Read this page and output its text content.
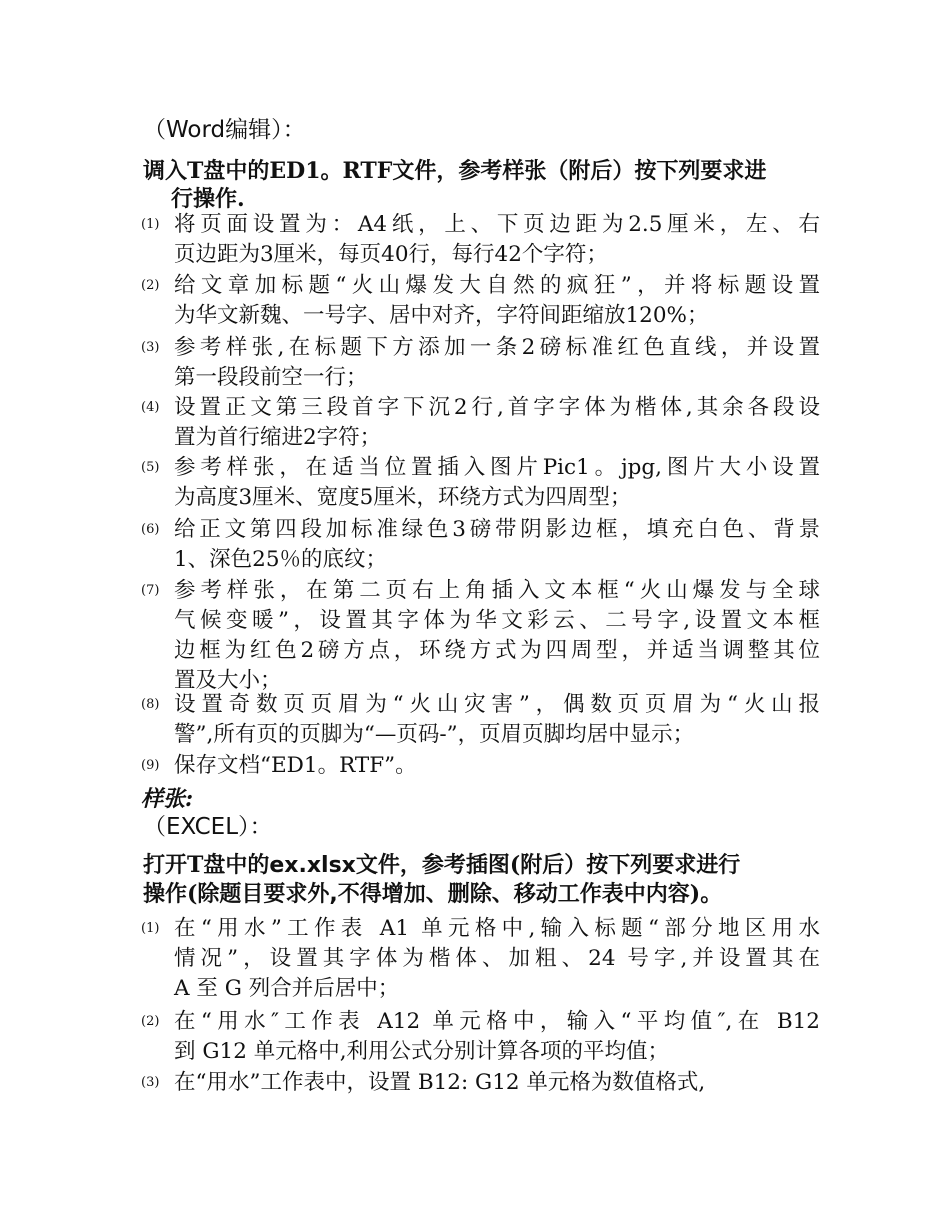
（Word编辑）：
调入T盘中的ED1。RTF文件，参考样张（附后）按下列要求进
行操作.
(1) 将页面设置为：A4纸，上、下页边距为2.5厘米，左、右
页边距为3厘米，每页40行，每行42个字符；
(2) 给文章加标题“火山爆发大自然的疯狂”，并将标题设置
为华文新魏、一号字、居中对齐，字符间距缩放120%；
(3) 参考样张,在标题下方添加一条2磅标准红色直线，并设置
第一段段前空一行；
(4) 设置正文第三段首字下沉2行,首字字体为楷体,其余各段设
置为首行缩进2字符；
(5) 参考样张，在适当位置插入图片Pic1。jpg,图片大小设置
为高度3厘米、宽度5厘米，环绕方式为四周型；
(6) 给正文第四段加标准绿色3磅带阴影边框，填充白色、背景
1、深色25％的底纹；
(7) 参考样张，在第二页右上角插入文本框“火山爆发与全球
气候变暖”，设置其字体为华文彩云、二号字,设置文本框
边框为红色2磅方点，环绕方式为四周型，并适当调整其位
置及大小；
(8) 设置奇数页页眉为“火山灾害”，偶数页页眉为“火山报
警”,所有页的页脚为“—页码-”，页眉页脚均居中显示；
(9) 保存文档“ED1。RTF”。
样张:
（EXCEL）：
打开T盘中的ex.xlsx文件，参考插图(附后）按下列要求进行
操作(除题目要求外,不得增加、删除、移动工作表中内容)。
(1) 在“用水”工作表 A1 单元格中,输入标题“部分地区用水
情况”，设置其字体为楷体、加粗、24 号字,并设置其在
A 至 G 列合并后居中；
(2) 在“用水″工作表 A12 单元格中，输入“平均值″,在 B12
到 G12 单元格中,利用公式分别计算各项的平均值；
(3) 在“用水”工作表中，设置 B12: G12 单元格为数值格式,
